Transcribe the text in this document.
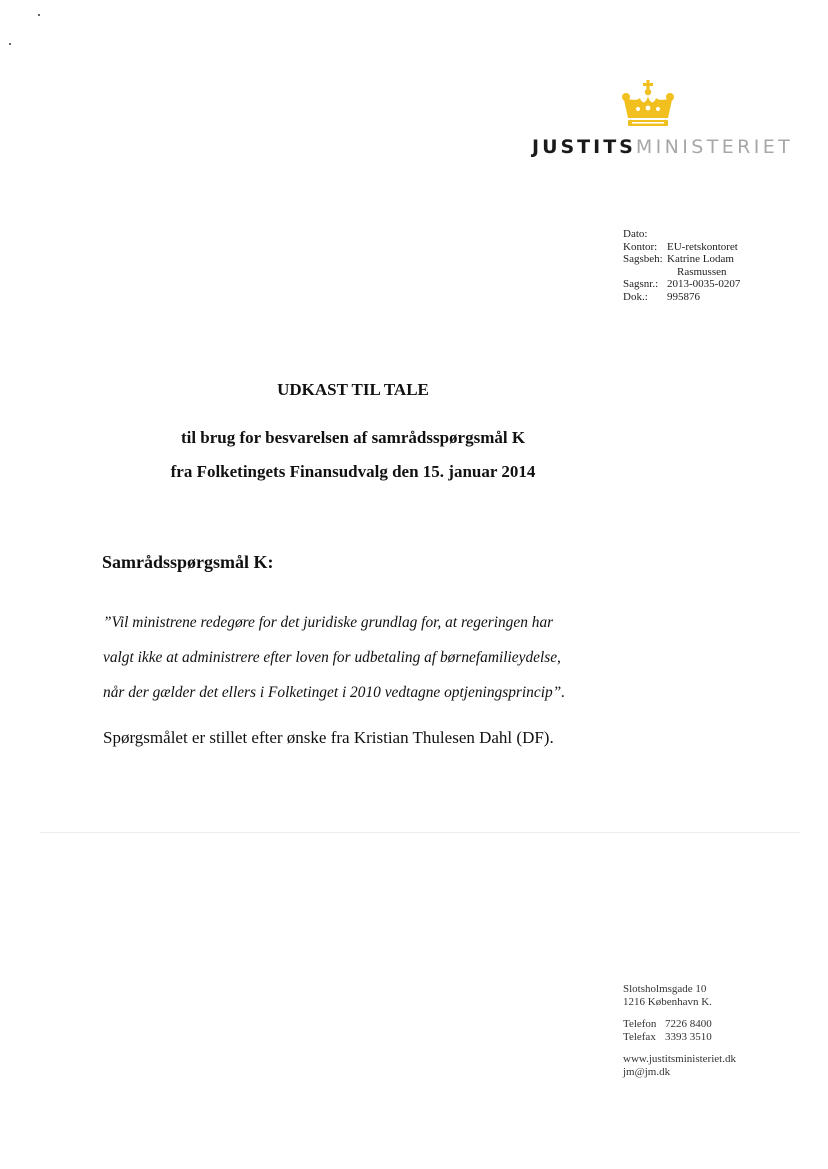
JUSTITSMINISTERIET
Dato:
Kontor: EU-retskontoret
Sagsbeh: Katrine Lodam
Rasmussen
Sagsnr.: 2013-0035-0207
Dok.:	995876
UDKAST TIL TALE
til brug for besvarelsen af samrådsspørgsmål K
fra Folketingets Finansudvalg den 15. januar 2014
Samrådsspørgsmål K:
”Vil ministrene redegøre for det juridiske grundlag for, at regeringen har
valgt ikke at administrere efter loven for udbetaling af børnefamilieydelse,
når der gælder det ellers i Folketinget i 2010 vedtagne optjeningsprincip”.
Spørgsmålet er stillet efter ønske fra Kristian Thulesen Dahl (DF).
Slotsholmsgade 10
1216 København K.
Telefon 7226 8400
Telefax 3393 3510
www.justitsministeriet.dk
jm@jm.dk
